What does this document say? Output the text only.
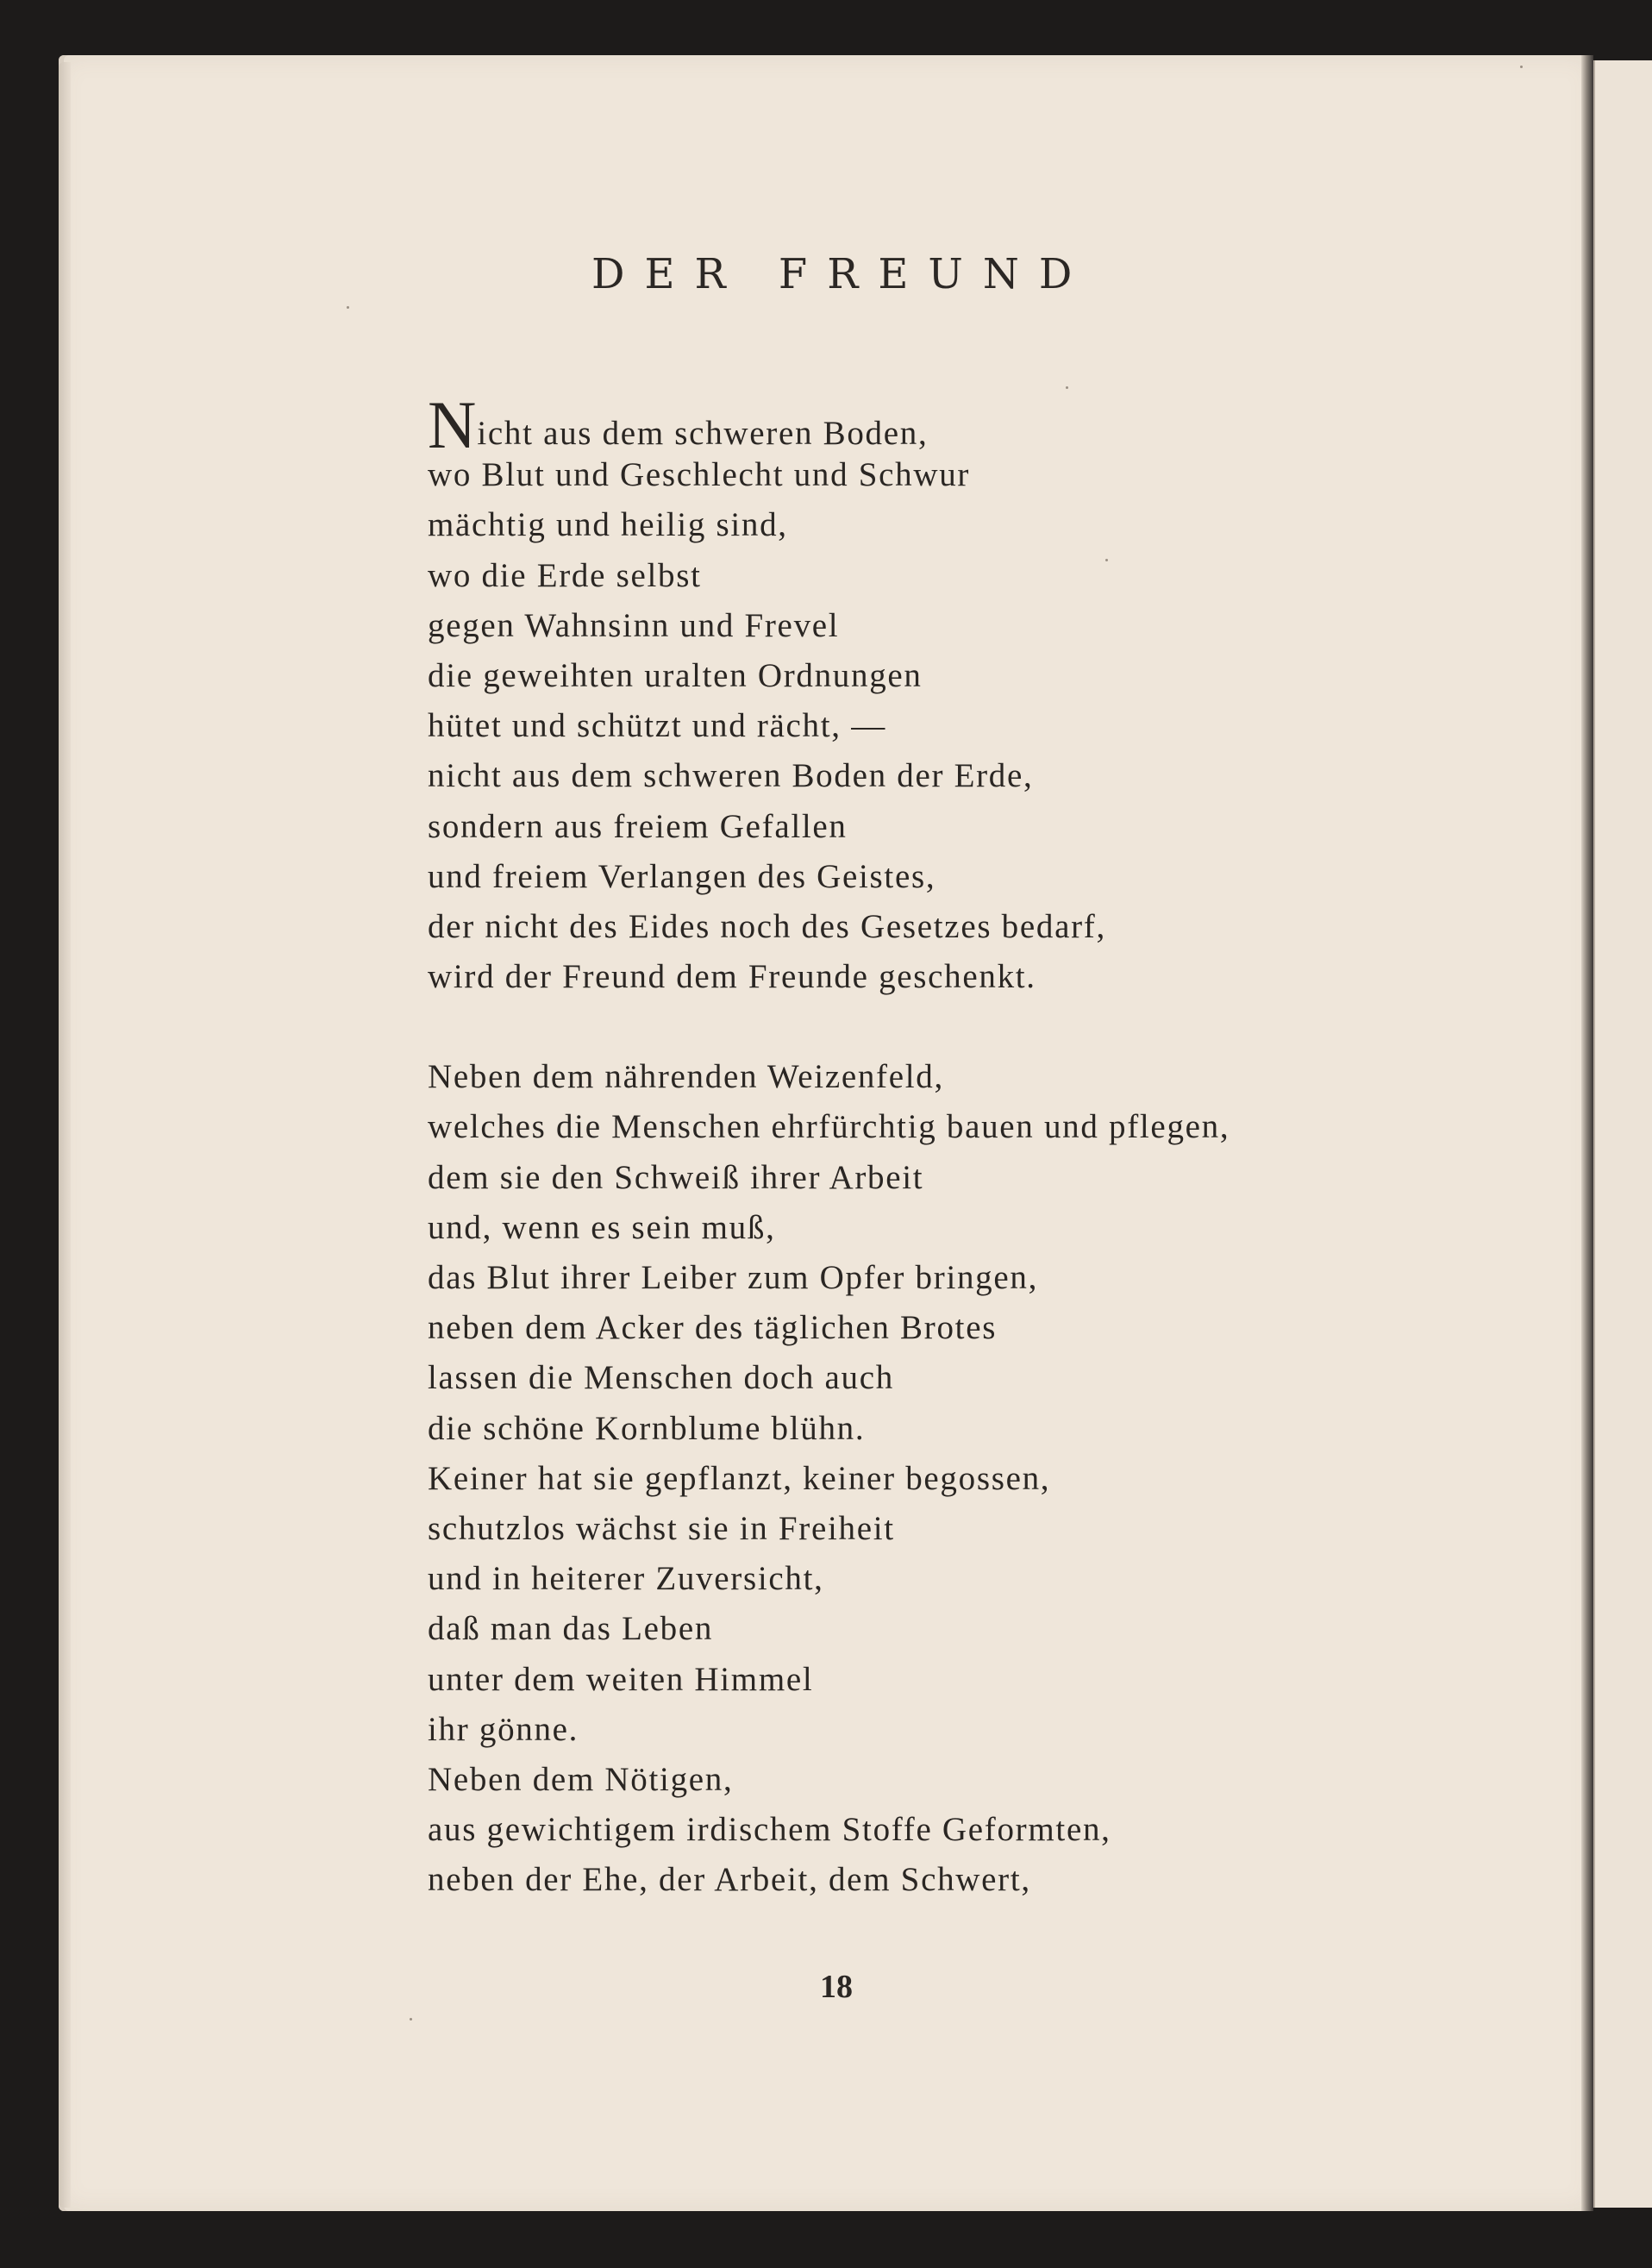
DER FREUND
Nicht aus dem schweren Boden,
wo Blut und Geschlecht und Schwur
mächtig und heilig sind,
wo die Erde selbst
gegen Wahnsinn und Frevel
die geweihten uralten Ordnungen
hütet und schützt und rächt, —
nicht aus dem schweren Boden der Erde,
sondern aus freiem Gefallen
und freiem Verlangen des Geistes,
der nicht des Eides noch des Gesetzes bedarf,
wird der Freund dem Freunde geschenkt.
Neben dem nährenden Weizenfeld,
welches die Menschen ehrfürchtig bauen und pflegen,
dem sie den Schweiß ihrer Arbeit
und, wenn es sein muß,
das Blut ihrer Leiber zum Opfer bringen,
neben dem Acker des täglichen Brotes
lassen die Menschen doch auch
die schöne Kornblume blühn.
Keiner hat sie gepflanzt, keiner begossen,
schutzlos wächst sie in Freiheit
und in heiterer Zuversicht,
daß man das Leben
unter dem weiten Himmel
ihr gönne.
Neben dem Nötigen,
aus gewichtigem irdischem Stoffe Geformten,
neben der Ehe, der Arbeit, dem Schwert,
18
